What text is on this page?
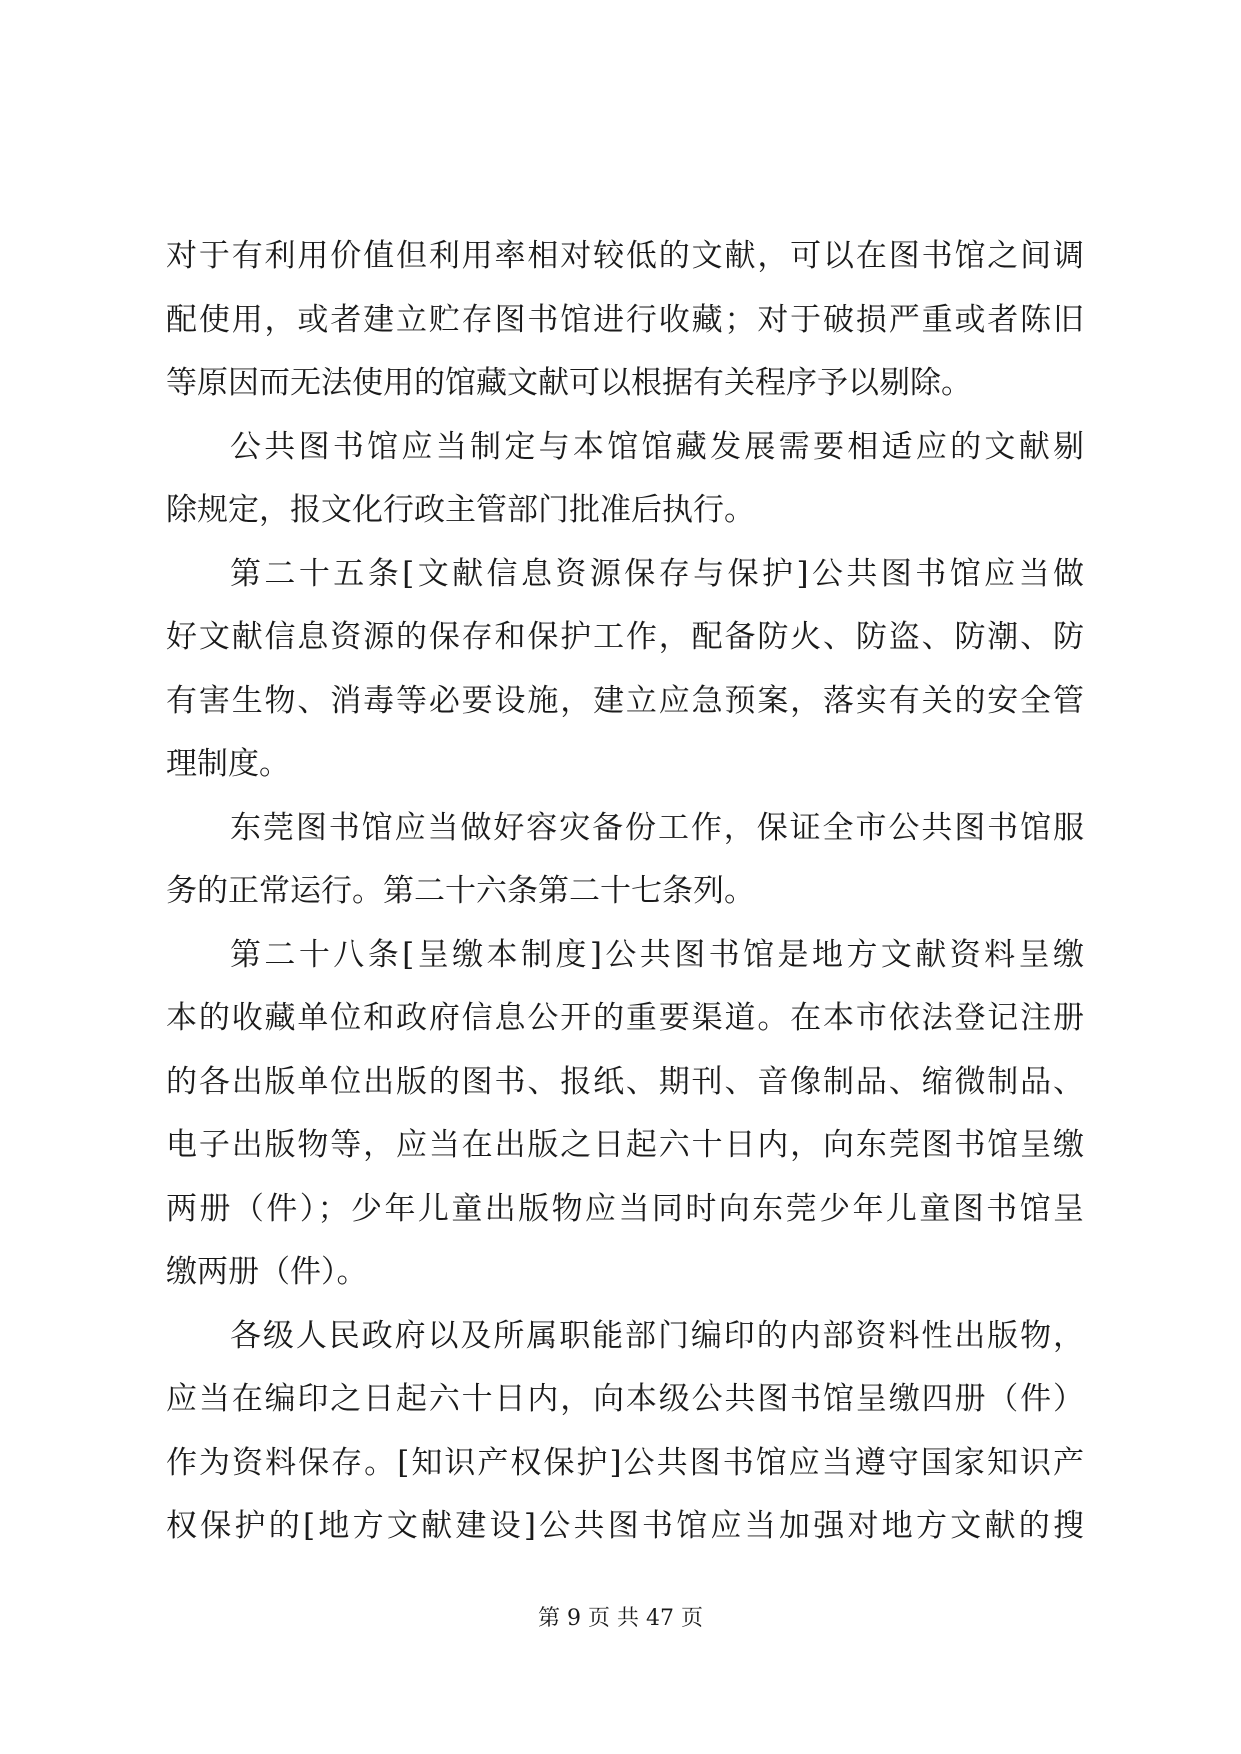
对于有利用价值但利用率相对较低的文献，可以在图书馆之间调
配使用，或者建立贮存图书馆进行收藏；对于破损严重或者陈旧
等原因而无法使用的馆藏文献可以根据有关程序予以剔除。
公共图书馆应当制定与本馆馆藏发展需要相适应的文献剔
除规定，报文化行政主管部门批准后执行。
第二十五条[文献信息资源保存与保护]公共图书馆应当做
好文献信息资源的保存和保护工作，配备防火、防盗、防潮、防
有害生物、消毒等必要设施，建立应急预案，落实有关的安全管
理制度。
东莞图书馆应当做好容灾备份工作，保证全市公共图书馆服
务的正常运行。第二十六条第二十七条列。
第二十八条[呈缴本制度]公共图书馆是地方文献资料呈缴
本的收藏单位和政府信息公开的重要渠道。在本市依法登记注册
的各出版单位出版的图书、报纸、期刊、音像制品、缩微制品、
电子出版物等，应当在出版之日起六十日内，向东莞图书馆呈缴
两册（件）；少年儿童出版物应当同时向东莞少年儿童图书馆呈
缴两册（件）。
各级人民政府以及所属职能部门编印的内部资料性出版物，
应当在编印之日起六十日内，向本级公共图书馆呈缴四册（件）
作为资料保存。[知识产权保护]公共图书馆应当遵守国家知识产
权保护的[地方文献建设]公共图书馆应当加强对地方文献的搜
第 9 页 共 47 页
